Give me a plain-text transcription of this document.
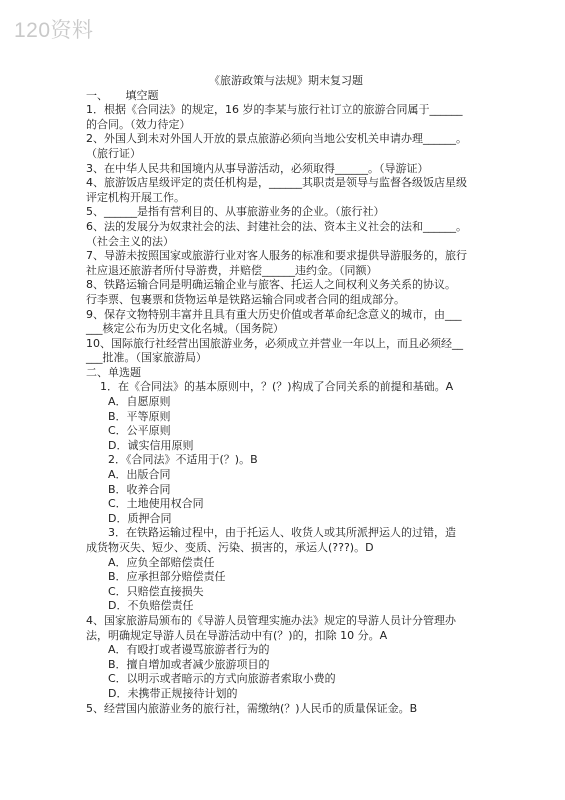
120资料

《旅游政策与法规》期末复习题

一、     填空题

1．根据《合同法》的规定，16 岁的李某与旅行社订立的旅游合同属于______

的合同。（效力待定）

2、外国人到未对外国人开放的景点旅游必须向当地公安机关申请办理______。

（旅行证）

3、在中华人民共和国境内从事导游活动，必须取得______。（导游证）

4、旅游饭店星级评定的责任机构是，______其职责是领导与监督各级饭店星级

评定机构开展工作。

5、______是指有营利目的、从事旅游业务的企业。（旅行社）

6、法的发展分为奴隶社会的法、封建社会的法、资本主义社会的法和______。

（社会主义的法）

7、导游未按照国家或旅游行业对客人服务的标准和要求提供导游服务的，旅行

社应退还旅游者所付导游费，并赔偿______违约金。（同额）

8、铁路运输合同是明确运输企业与旅客、托运人之间权利义务关系的协议。

行李票、包裹票和货物运单是铁路运输合同或者合同的组成部分。

9、保存文物特别丰富并且具有重大历史价值或者革命纪念意义的城市，由___

___核定公布为历史文化名城。（国务院）

10、国际旅行社经营出国旅游业务，必须成立并营业一年以上，而且必须经__

___批准。（国家旅游局）

二、单选题

1．在《合同法》的基本原则中，？(？)构成了合同关系的前提和基础。A

A．自愿原则

B．平等原则

C．公平原则

D．诚实信用原则

2．《合同法》不适用于(？)。B

A．出版合同

B．收养合同

C．土地使用权合同

D．质押合同

3．在铁路运输过程中，由于托运人、收货人或其所派押运人的过错，造

成货物灭失、短少、变质、污染、损害的，承运人(???)。D

A．应负全部赔偿责任

B．应承担部分赔偿责任

C．只赔偿直接损失

D．不负赔偿责任

4、国家旅游局颁布的《导游人员管理实施办法》规定的导游人员计分管理办

法，明确规定导游人员在导游活动中有(？)的，扣除 10 分。A

A．有殴打或者谩骂旅游者行为的

B．擅自增加或者减少旅游项目的

C．以明示或者暗示的方式向旅游者索取小费的

D．未携带正规接待计划的

5、经营国内旅游业务的旅行社，需缴纳(？)人民币的质量保证金。B
